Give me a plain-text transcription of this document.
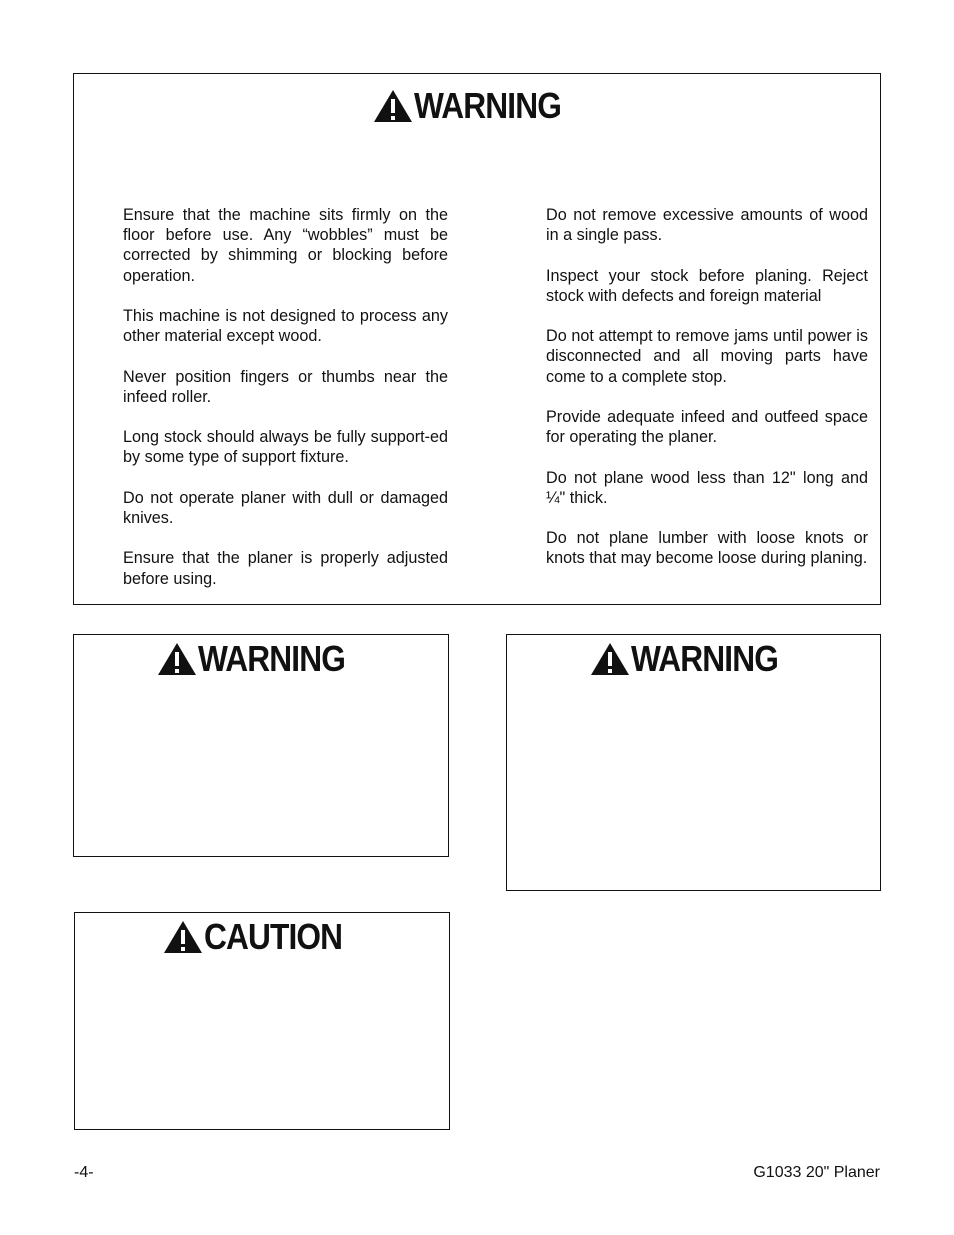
WARNING

Ensure that the machine sits firmly on the floor before use. Any “wobbles” must be corrected by shimming or blocking before operation.

This machine is not designed to process any other material except wood.

Never position fingers or thumbs near the infeed roller.

Long stock should always be fully support-ed by some type of support fixture.

Do not operate planer with dull or damaged knives.

Ensure that the planer is properly adjusted before using.

Do not remove excessive amounts of wood in a single pass.

Inspect your stock before planing. Reject stock with defects and foreign material

Do not attempt to remove jams until power is disconnected and all moving parts have come to a complete stop.

Provide adequate infeed and outfeed space for operating the planer.

Do not plane wood less than 12" long and ¼" thick.

Do not plane lumber with loose knots or knots that may become loose during planing.

WARNING	WARNING
CAUTION
-4-	G1033 20" Planer
